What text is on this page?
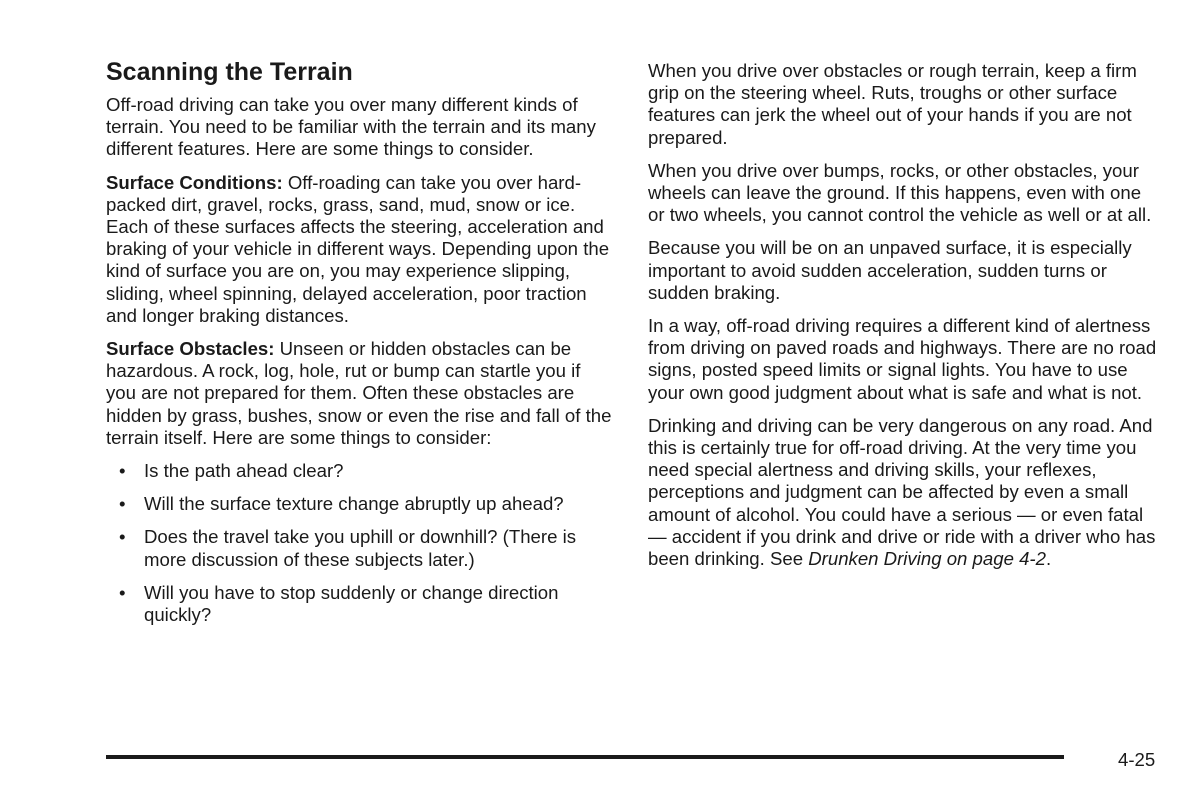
Scanning the Terrain

Off-road driving can take you over many different kinds of terrain. You need to be familiar with the terrain and its many different features. Here are some things to consider.

Surface Conditions: Off-roading can take you over hard-packed dirt, gravel, rocks, grass, sand, mud, snow or ice. Each of these surfaces affects the steering, acceleration and braking of your vehicle in different ways. Depending upon the kind of surface you are on, you may experience slipping, sliding, wheel spinning, delayed acceleration, poor traction and longer braking distances.

Surface Obstacles: Unseen or hidden obstacles can be hazardous. A rock, log, hole, rut or bump can startle you if you are not prepared for them. Often these obstacles are hidden by grass, bushes, snow or even the rise and fall of the terrain itself. Here are some things to consider:

• Is the path ahead clear?
• Will the surface texture change abruptly up ahead?
• Does the travel take you uphill or downhill? (There is more discussion of these subjects later.)
• Will you have to stop suddenly or change direction quickly?

When you drive over obstacles or rough terrain, keep a firm grip on the steering wheel. Ruts, troughs or other surface features can jerk the wheel out of your hands if you are not prepared.

When you drive over bumps, rocks, or other obstacles, your wheels can leave the ground. If this happens, even with one or two wheels, you cannot control the vehicle as well or at all.

Because you will be on an unpaved surface, it is especially important to avoid sudden acceleration, sudden turns or sudden braking.

In a way, off-road driving requires a different kind of alertness from driving on paved roads and highways. There are no road signs, posted speed limits or signal lights. You have to use your own good judgment about what is safe and what is not.

Drinking and driving can be very dangerous on any road. And this is certainly true for off-road driving. At the very time you need special alertness and driving skills, your reflexes, perceptions and judgment can be affected by even a small amount of alcohol. You could have a serious — or even fatal — accident if you drink and drive or ride with a driver who has been drinking. See Drunken Driving on page 4-2.

4-25
